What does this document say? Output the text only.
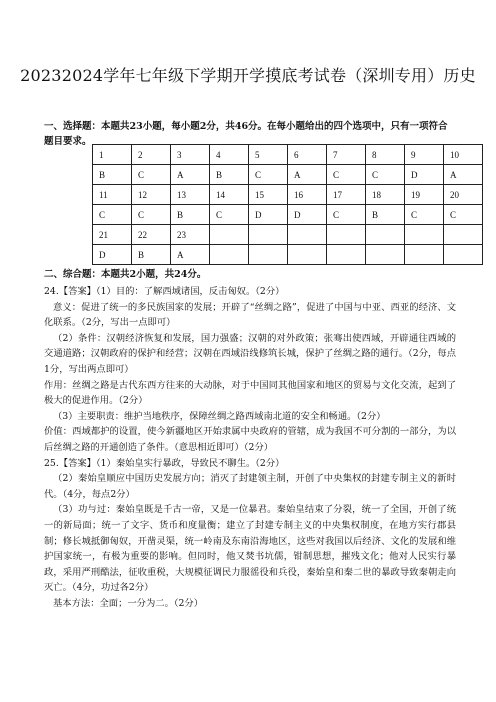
20232024学年七年级下学期开学摸底考试卷（深圳专用）历史
一、选择题：本题共23小题，每小题2分，共46分。在每小题给出的四个选项中，只有一项符合题目要求。
1	2	3	4	5	6	7	8	9	10
B	C	A	B	C	A	C	C	D	A
11	12	13	14	15	16	17	18	19	20
C	C	B	C	D	D	C	B	C	C
21	22	23							
D	B	A							
二、综合题：本题共2小题，共24分。

24.【答案】（1）目的：了解西域诸国，反击匈奴。（2分）

意义：促进了统一的多民族国家的发展；开辟了“丝绸之路”，促进了中国与中亚、西亚的经济、文化联系。（2分，写出一点即可）

（2）条件：汉朝经济恢复和发展，国力强盛；汉朝的对外政策；张骞出使西域，开辟通往西域的交通道路；汉朝政府的保护和经营；汉朝在西域沿线修筑长城，保护了丝绸之路的通行。（2分，每点1分，写出两点即可）

作用：丝绸之路是古代东西方往来的大动脉，对于中国同其他国家和地区的贸易与文化交流，起到了极大的促进作用。（2分）

（3）主要职责：维护当地秩序，保障丝绸之路西域南北道的安全和畅通。（2分）

价值：西域都护的设置，使今新疆地区开始隶属中央政府的管辖，成为我国不可分割的一部分，为以后丝绸之路的开通创造了条件。（意思相近即可）（2分）

25.【答案】（1）秦始皇实行暴政，导致民不聊生。（2分）

（2）秦始皇顺应中国历史发展方向；消灭了封建领主制，开创了中央集权的封建专制主义的新时代。（4分，每点2分）

（3）功与过：秦始皇既是千古一帝，又是一位暴君。秦始皇结束了分裂，统一了全国，开创了统一的新局面；统一了文字、货币和度量衡；建立了封建专制主义的中央集权制度，在地方实行郡县制；修长城抵御匈奴，开凿灵渠，统一岭南及东南沿海地区，这些对我国以后经济、文化的发展和维护国家统一，有极为重要的影响。但同时，他又焚书坑儒，钳制思想，摧残文化；他对人民实行暴政，采用严刑酷法，征收重税，大规模征调民力服徭役和兵役，秦始皇和秦二世的暴政导致秦朝走向灭亡。（4分，功过各2分）

基本方法：全面；一分为二。（2分）
